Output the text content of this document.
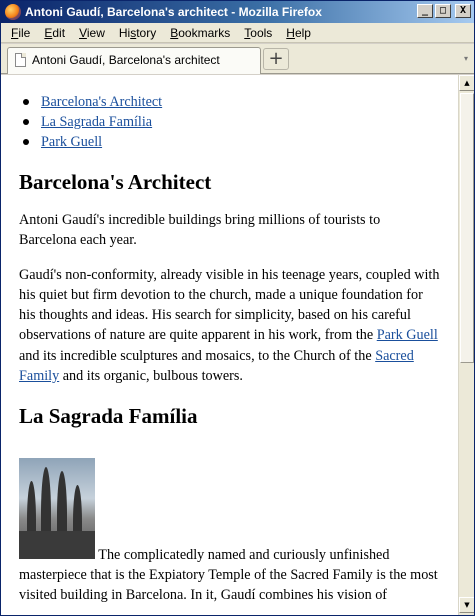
Antoni Gaudí, Barcelona's architect - Mozilla Firefox	_	□	X
File	Edit	View	History	Bookmarks	Tools	Help
Antoni Gaudí, Barcelona's architect	+	▾
Barcelona's Architect
La Sagrada Família
Park Guell
Barcelona's Architect

Antoni Gaudí's incredible buildings bring millions of tourists to Barcelona each year.

Gaudí's non-conformity, already visible in his teenage years, coupled with his quiet but firm devotion to the church, made a unique foundation for his thoughts and ideas. His search for simplicity, based on his careful observations of nature are quite apparent in his work, from the Park Guell and its incredible sculptures and mosaics, to the Church of the Sacred Family and its organic, bulbous towers.

La Sagrada Família
The complicatedly named and curiously unfinished masterpiece that is the Expiatory Temple of the Sacred Family is the most visited building in Barcelona. In it, Gaudí combines his vision of
▲
▼
